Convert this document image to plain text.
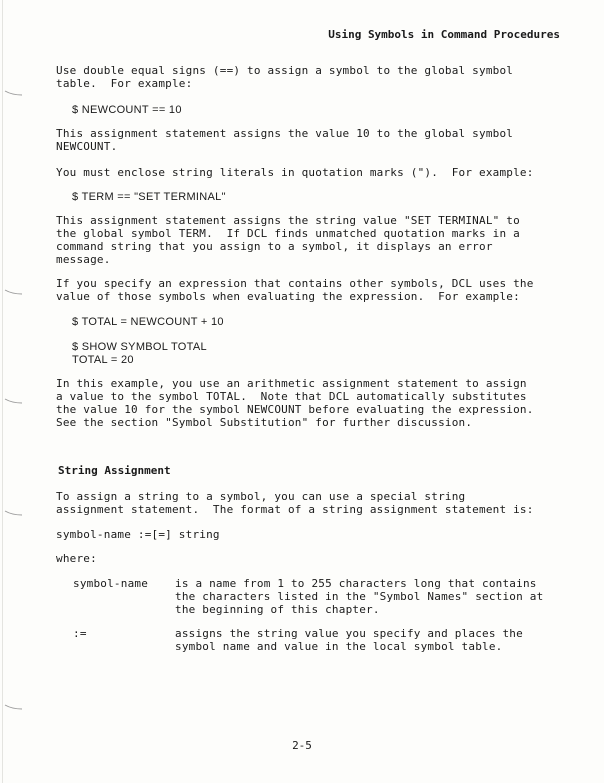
Using Symbols in Command Procedures

Use double equal signs (==) to assign a symbol to the global symbol
table.  For example:

$ NEWCOUNT == 10

This assignment statement assigns the value 10 to the global symbol
NEWCOUNT.

You must enclose string literals in quotation marks (").  For example:

$ TERM == "SET TERMINAL"

This assignment statement assigns the string value "SET TERMINAL" to
the global symbol TERM.  If DCL finds unmatched quotation marks in a
command string that you assign to a symbol, it displays an error
message.

If you specify an expression that contains other symbols, DCL uses the
value of those symbols when evaluating the expression.  For example:

$ TOTAL = NEWCOUNT + 10

$ SHOW SYMBOL TOTAL
TOTAL = 20

In this example, you use an arithmetic assignment statement to assign
a value to the symbol TOTAL.  Note that DCL automatically substitutes
the value 10 for the symbol NEWCOUNT before evaluating the expression.
See the section "Symbol Substitution" for further discussion.

String Assignment

To assign a string to a symbol, you can use a special string
assignment statement.  The format of a string assignment statement is:

symbol-name :=[=] string

where:

symbol-name is a name from 1 to 255 characters long that contains
the characters listed in the "Symbol Names" section at
the beginning of this chapter.
:=	assigns the string value you specify and places the
symbol name and value in the local symbol table.
2-5
